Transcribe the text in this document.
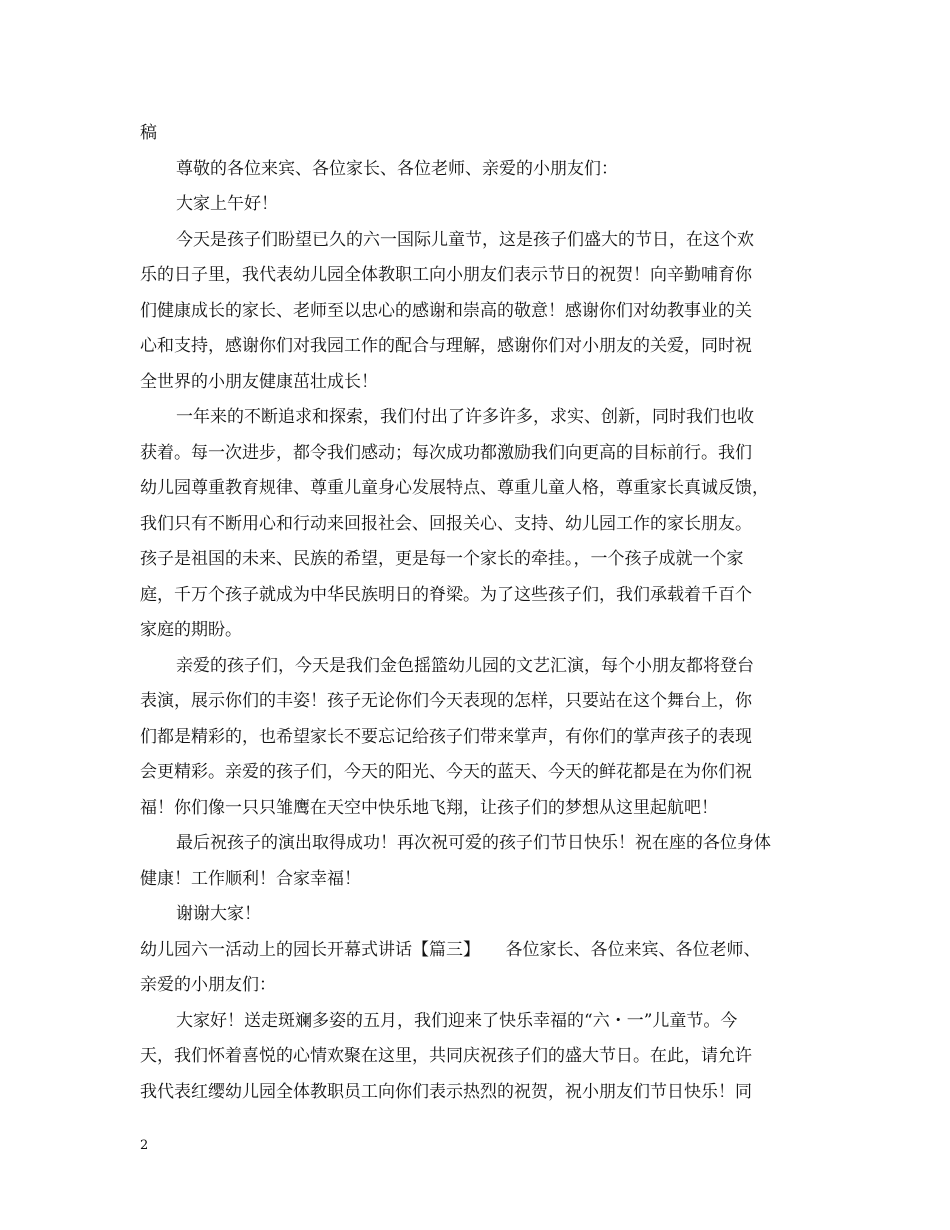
稿
尊敬的各位来宾、各位家长、各位老师、亲爱的小朋友们：
大家上午好！
今天是孩子们盼望已久的六一国际儿童节，这是孩子们盛大的节日，在这个欢
乐的日子里，我代表幼儿园全体教职工向小朋友们表示节日的祝贺！向辛勤哺育你
们健康成长的家长、老师至以忠心的感谢和崇高的敬意！感谢你们对幼教事业的关
心和支持，感谢你们对我园工作的配合与理解，感谢你们对小朋友的关爱，同时祝
全世界的小朋友健康茁壮成长！
一年来的不断追求和探索，我们付出了许多许多，求实、创新，同时我们也收
获着。每一次进步，都令我们感动；每次成功都激励我们向更高的目标前行。我们
幼儿园尊重教育规律、尊重儿童身心发展特点、尊重儿童人格，尊重家长真诚反馈，
我们只有不断用心和行动来回报社会、回报关心、支持、幼儿园工作的家长朋友。
孩子是祖国的未来、民族的希望，更是每一个家长的牵挂。，一个孩子成就一个家
庭，千万个孩子就成为中华民族明日的脊梁。为了这些孩子们，我们承载着千百个
家庭的期盼。
亲爱的孩子们，今天是我们金色摇篮幼儿园的文艺汇演，每个小朋友都将登台
表演，展示你们的丰姿！孩子无论你们今天表现的怎样，只要站在这个舞台上，你
们都是精彩的，也希望家长不要忘记给孩子们带来掌声，有你们的掌声孩子的表现
会更精彩。亲爱的孩子们，今天的阳光、今天的蓝天、今天的鲜花都是在为你们祝
福！你们像一只只雏鹰在天空中快乐地飞翔，让孩子们的梦想从这里起航吧！
最后祝孩子的演出取得成功！再次祝可爱的孩子们节日快乐！祝在座的各位身体
健康！工作顺利！合家幸福！
谢谢大家！
幼儿园六一活动上的园长开幕式讲话【篇三】　　各位家长、各位来宾、各位老师、
亲爱的小朋友们：
大家好！送走斑斓多姿的五月，我们迎来了快乐幸福的“六・一”儿童节。今
天，我们怀着喜悦的心情欢聚在这里，共同庆祝孩子们的盛大节日。在此，请允许
我代表红缨幼儿园全体教职员工向你们表示热烈的祝贺，祝小朋友们节日快乐！同
2
